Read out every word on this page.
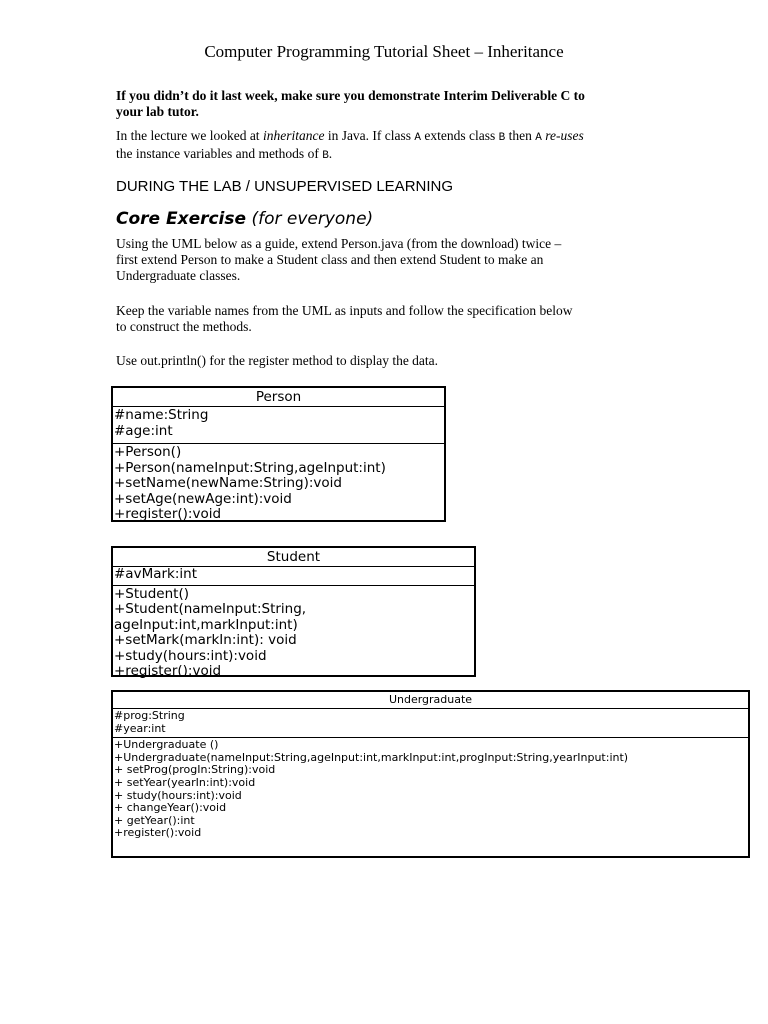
Computer Programming Tutorial Sheet – Inheritance
If you didn’t do it last week, make sure you demonstrate Interim Deliverable C to
your lab tutor.
In the lecture we looked at inheritance in Java. If class A extends class B then A re-uses
the instance variables and methods of B.
DURING THE LAB / UNSUPERVISED LEARNING
Core Exercise (for everyone)
Using the UML below as a guide, extend Person.java (from the download) twice –
first extend Person to make a Student class and then extend Student to make an
Undergraduate classes.
Keep the variable names from the UML as inputs and follow the specification below
to construct the methods.
Use out.println() for the register method to display the data.
Person
#name:String
#age:int
+Person()
+Person(nameInput:String,ageInput:int)
+setName(newName:String):void
+setAge(newAge:int):void
+register():void
Student
#avMark:int
+Student()
+Student(nameInput:String,
ageInput:int,markInput:int)
+setMark(markIn:int): void
+study(hours:int):void
+register():void
Undergraduate
#prog:String
#year:int
+Undergraduate ()
+Undergraduate(nameInput:String,ageInput:int,markInput:int,progInput:String,yearInput:int)
+ setProg(progIn:String):void
+ setYear(yearIn:int):void
+ study(hours:int):void
+ changeYear():void
+ getYear():int
+register():void
